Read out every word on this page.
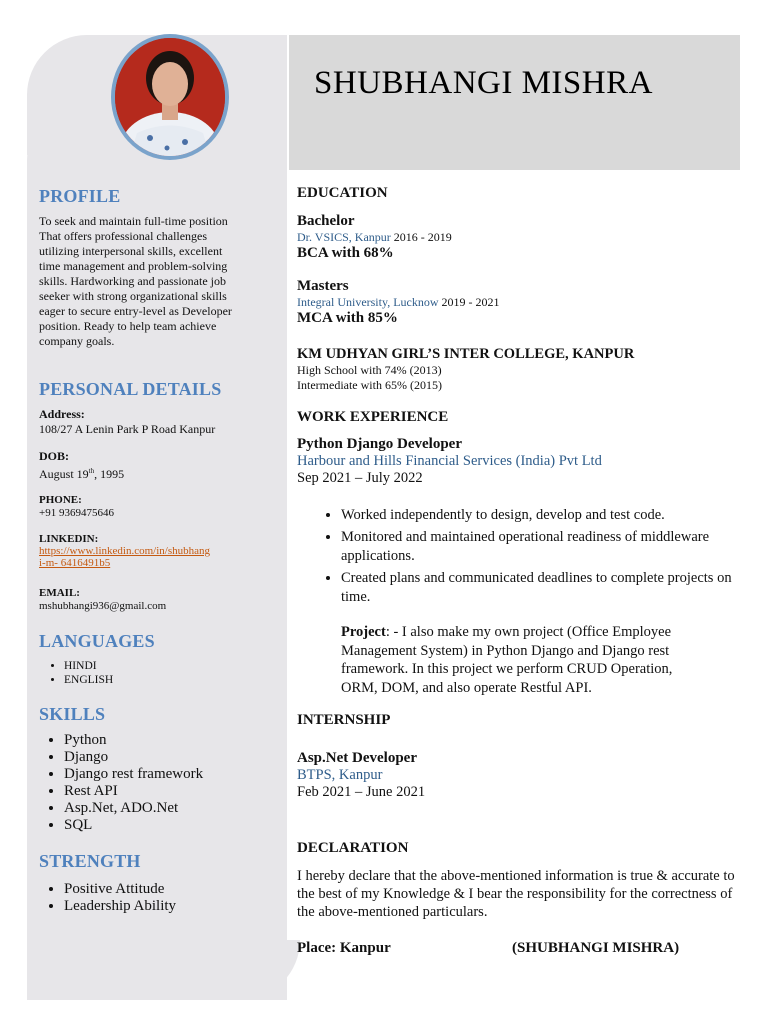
SHUBHANGI MISHRA
PROFILE
To seek and maintain full-time position That offers professional challenges utilizing interpersonal skills, excellent time management and problem-solving skills. Hardworking and passionate job seeker with strong organizational skills eager to secure entry-level as Developer position. Ready to help team achieve company goals.
PERSONAL DETAILS
Address:
108/27 A Lenin Park P Road Kanpur
DOB:
August 19th, 1995
PHONE:
+91 9369475646
LINKEDIN:
https://www.linkedin.com/in/shubhang
i-m- 6416491b5
EMAIL:
mshubhangi936@gmail.com
LANGUAGES
• HINDI
• ENGLISH
SKILLS
• Python
• Django
• Django rest framework
• Rest API
• Asp.Net, ADO.Net
• SQL
STRENGTH
• Positive Attitude
• Leadership Ability
EDUCATION
Bachelor
Dr. VSICS, Kanpur 2016 - 2019
BCA with 68%
Masters
Integral University, Lucknow 2019 - 2021
MCA with 85%
KM UDHYAN GIRL’S INTER COLLEGE, KANPUR
High School with 74% (2013)
Intermediate with 65% (2015)
WORK EXPERIENCE
Python Django Developer
Harbour and Hills Financial Services (India) Pvt Ltd
Sep 2021 – July 2022
• Worked independently to design, develop and test code.
• Monitored and maintained operational readiness of middleware applications.
• Created plans and communicated deadlines to complete projects on time.
Project: - I also make my own project (Office Employee Management System) in Python Django and Django rest framework. In this project we perform CRUD Operation, ORM, DOM, and also operate Restful API.
INTERNSHIP
Asp.Net Developer
BTPS, Kanpur
Feb 2021 – June 2021
DECLARATION
I hereby declare that the above-mentioned information is true & accurate to the best of my Knowledge & I bear the responsibility for the correctness of the above-mentioned particulars.
Place: Kanpur	(SHUBHANGI MISHRA)
